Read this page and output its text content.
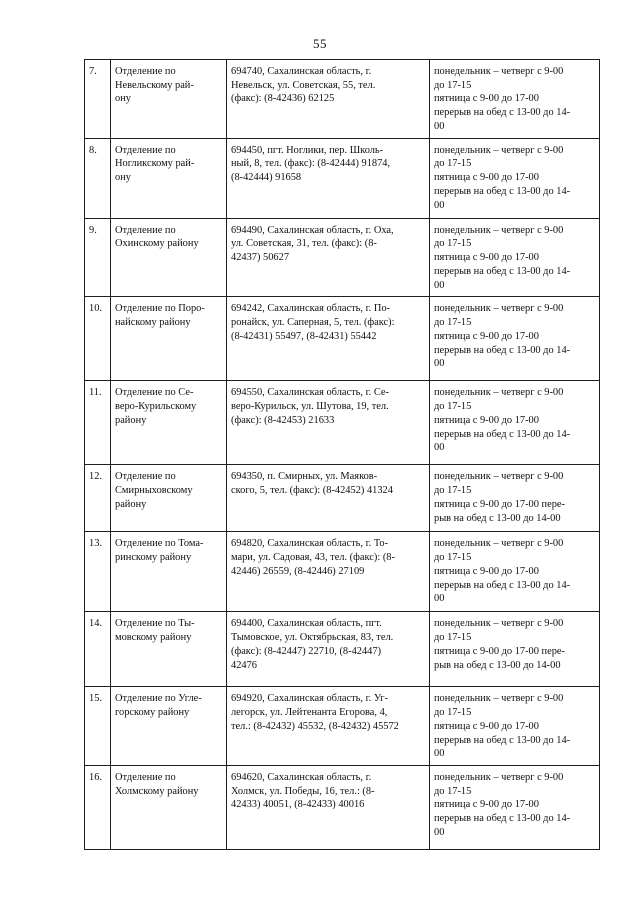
55
7.	Отделение по
Невельскому рай-
ону	694740, Сахалинская область, г.
Невельск, ул. Советская, 55, тел.
(факс): (8-42436) 62125	понедельник – четверг с 9-00
до 17-15
пятница с 9-00 до 17-00
перерыв на обед с 13-00 до 14-
00

8.	Отделение по
Ногликскому рай-
ону	694450, пгт. Ноглики, пер. Школь-
ный, 8, тел. (факс): (8-42444) 91874,
(8-42444) 91658	понедельник – четверг с 9-00
до 17-15
пятница с 9-00 до 17-00
перерыв на обед с 13-00 до 14-
00

9.	Отделение по
Охинскому району	694490, Сахалинская область, г. Оха,
ул. Советская, 31, тел. (факс): (8-
42437) 50627	понедельник – четверг с 9-00
до 17-15
пятница с 9-00 до 17-00
перерыв на обед с 13-00 до 14-
00

10.	Отделение по Поро-
найскому району	694242, Сахалинская область, г. По-
ронайск, ул. Саперная, 5, тел. (факс):
(8-42431) 55497, (8-42431) 55442	понедельник – четверг с 9-00
до 17-15
пятница с 9-00 до 17-00
перерыв на обед с 13-00 до 14-
00

11.	Отделение по Се-
веро-Курильскому
району	694550, Сахалинская область, г. Се-
веро-Курильск, ул. Шутова, 19, тел.
(факс): (8-42453) 21633	понедельник – четверг с 9-00
до 17-15
пятница с 9-00 до 17-00
перерыв на обед с 13-00 до 14-
00

12.	Отделение по
Смирныховскому
району	694350, п. Смирных, ул. Маяков-
ского, 5, тел. (факс): (8-42452) 41324	понедельник – четверг с 9-00
до 17-15
пятница с 9-00 до 17-00 пере-
рыв на обед с 13-00 до 14-00

13.	Отделение по Тома-
ринскому району	694820, Сахалинская область, г. То-
мари, ул. Садовая, 43, тел. (факс): (8-
42446) 26559, (8-42446) 27109	понедельник – четверг с 9-00
до 17-15
пятница с 9-00 до 17-00
перерыв на обед с 13-00 до 14-
00

14.	Отделение по Ты-
мовскому району	694400, Сахалинская область, пгт.
Тымовское, ул. Октябрьская, 83, тел.
(факс): (8-42447) 22710, (8-42447)
42476	понедельник – четверг с 9-00
до 17-15
пятница с 9-00 до 17-00 пере-
рыв на обед с 13-00 до 14-00

15.	Отделение по Угле-
горскому району	694920, Сахалинская область, г. Уг-
легорск, ул. Лейтенанта Егорова, 4,
тел.: (8-42432) 45532, (8-42432) 45572	понедельник – четверг с 9-00
до 17-15
пятница с 9-00 до 17-00
перерыв на обед с 13-00 до 14-
00

16.	Отделение по
Холмскому району	694620, Сахалинская область, г.
Холмск, ул. Победы, 16, тел.: (8-
42433) 40051, (8-42433) 40016	понедельник – четверг с 9-00
до 17-15
пятница с 9-00 до 17-00
перерыв на обед с 13-00 до 14-
00
